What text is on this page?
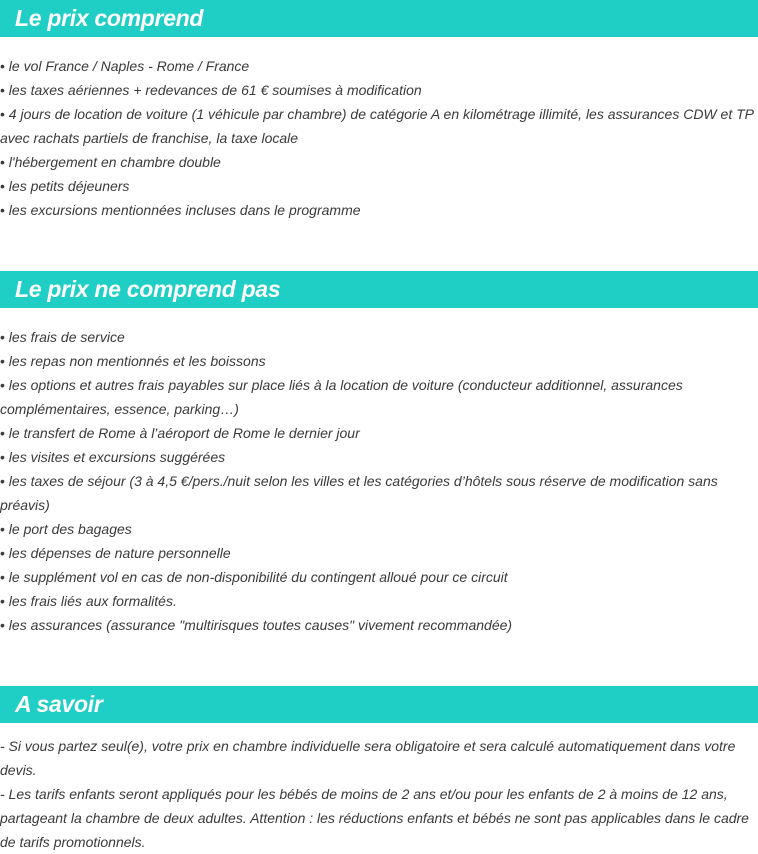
Le prix comprend
• le vol France / Naples - Rome / France
• les taxes aériennes + redevances de 61 € soumises à modification
• 4 jours de location de voiture (1 véhicule par chambre) de catégorie A en kilométrage illimité, les assurances CDW et TP avec rachats partiels de franchise, la taxe locale
• l'hébergement en chambre double
• les petits déjeuners
• les excursions mentionnées incluses dans le programme
Le prix ne comprend pas
• les frais de service
• les repas non mentionnés et les boissons
• les options et autres frais payables sur place liés à la location de voiture (conducteur additionnel, assurances complémentaires, essence, parking…)
• le transfert de Rome à l’aéroport de Rome le dernier jour
• les visites et excursions suggérées
• les taxes de séjour (3 à 4,5 €/pers./nuit selon les villes et les catégories d’hôtels sous réserve de modification sans préavis)
• le port des bagages
• les dépenses de nature personnelle
• le supplément vol en cas de non-disponibilité du contingent alloué pour ce circuit
• les frais liés aux formalités.
• les assurances (assurance "multirisques toutes causes" vivement recommandée)
A savoir
- Si vous partez seul(e), votre prix en chambre individuelle sera obligatoire et sera calculé automatiquement dans votre devis.
- Les tarifs enfants seront appliqués pour les bébés de moins de 2 ans et/ou pour les enfants de 2 à moins de 12 ans, partageant la chambre de deux adultes. Attention : les réductions enfants et bébés ne sont pas applicables dans le cadre de tarifs promotionnels.
